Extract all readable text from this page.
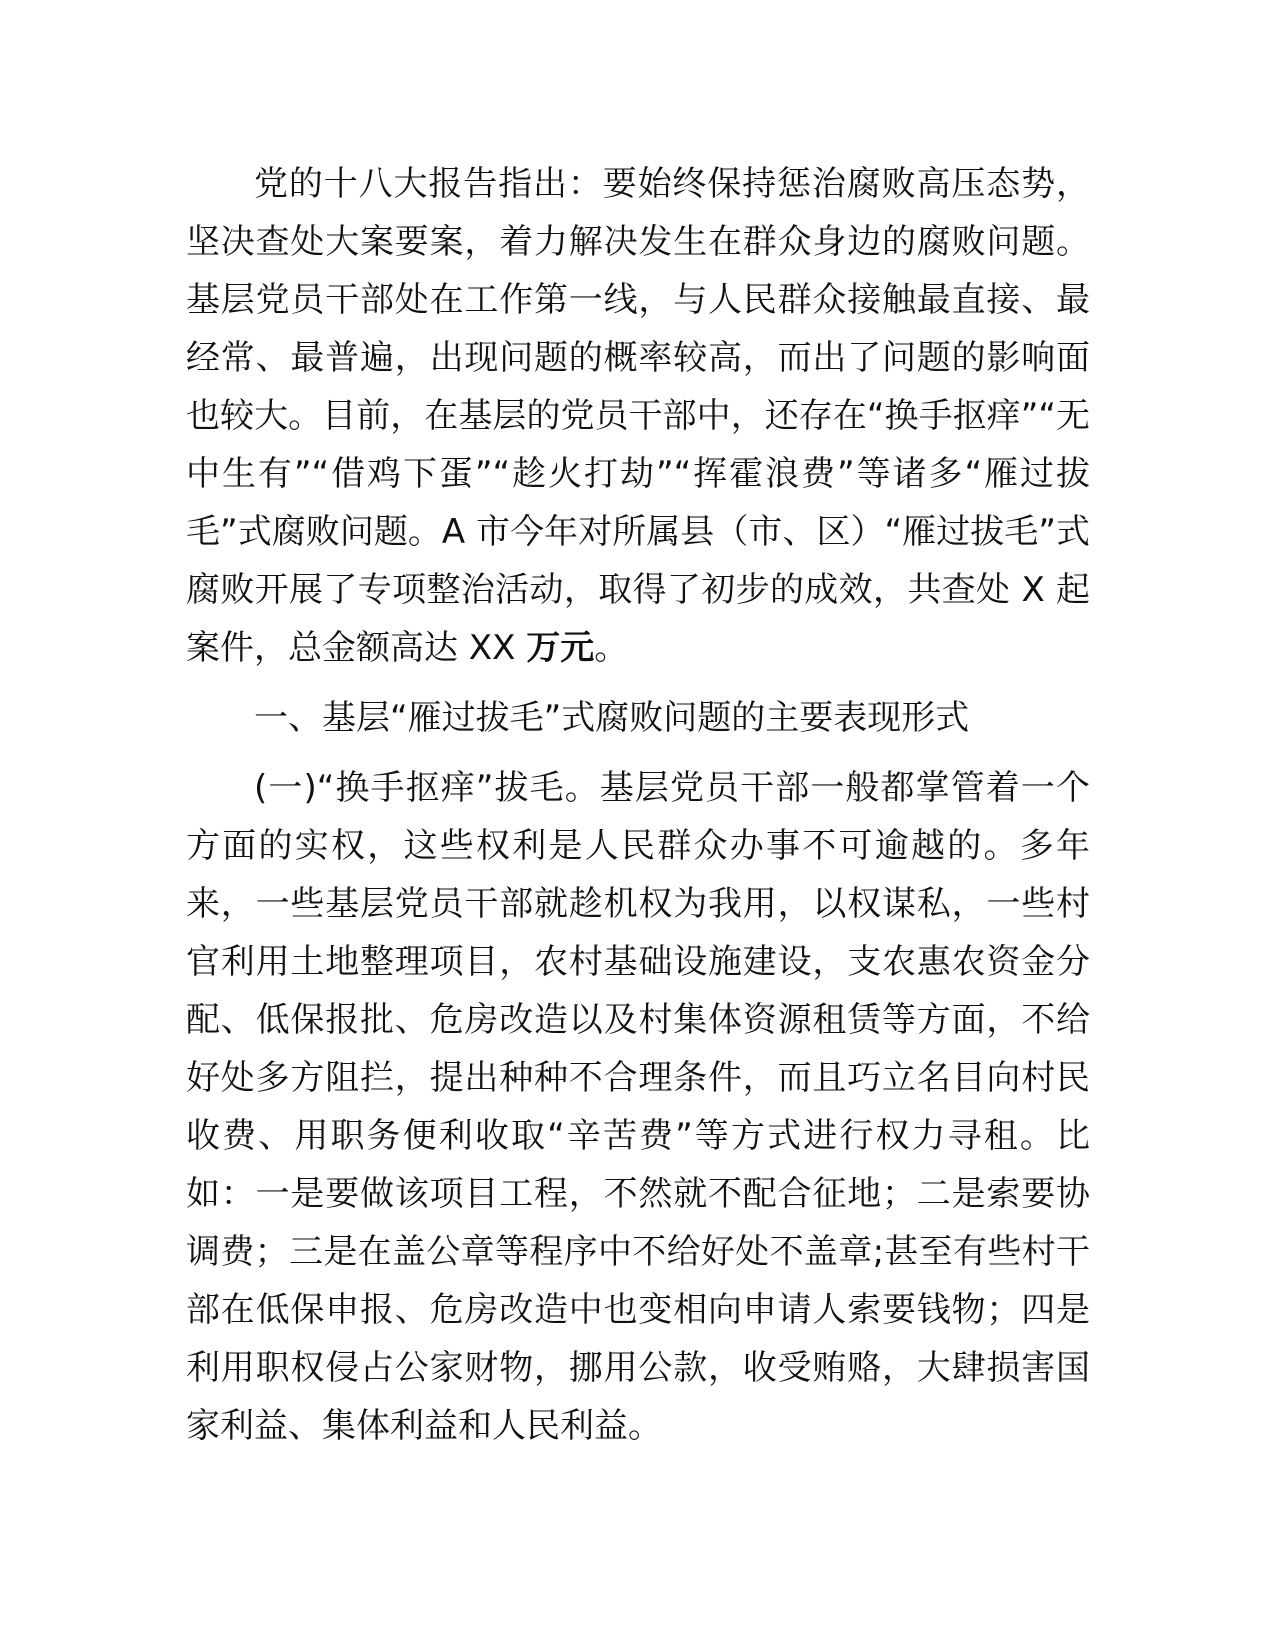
党的十八大报告指出：要始终保持惩治腐败高压态势，坚决查处大案要案，着力解决发生在群众身边的腐败问题。基层党员干部处在工作第一线，与人民群众接触最直接、最经常、最普遍，出现问题的概率较高，而出了问题的影响面也较大。目前，在基层的党员干部中，还存在“换手抠痒”“无中生有”“借鸡下蛋”“趁火打劫”“挥霍浪费”等诸多“雁过拔毛”式腐败问题。A 市今年对所属县（市、区）“雁过拔毛”式腐败开展了专项整治活动，取得了初步的成效，共查处 X 起案件，总金额高达 XX 万元。

一、基层“雁过拔毛”式腐败问题的主要表现形式

(一)“换手抠痒”拔毛。基层党员干部一般都掌管着一个方面的实权，这些权利是人民群众办事不可逾越的。多年来，一些基层党员干部就趁机权为我用，以权谋私，一些村官利用土地整理项目，农村基础设施建设，支农惠农资金分配、低保报批、危房改造以及村集体资源租赁等方面，不给好处多方阻拦，提出种种不合理条件，而且巧立名目向村民收费、用职务便利收取“辛苦费”等方式进行权力寻租。比如：一是要做该项目工程，不然就不配合征地；二是索要协调费；三是在盖公章等程序中不给好处不盖章;甚至有些村干部在低保申报、危房改造中也变相向申请人索要钱物；四是利用职权侵占公家财物，挪用公款，收受贿赂，大肆损害国家利益、集体利益和人民利益。
